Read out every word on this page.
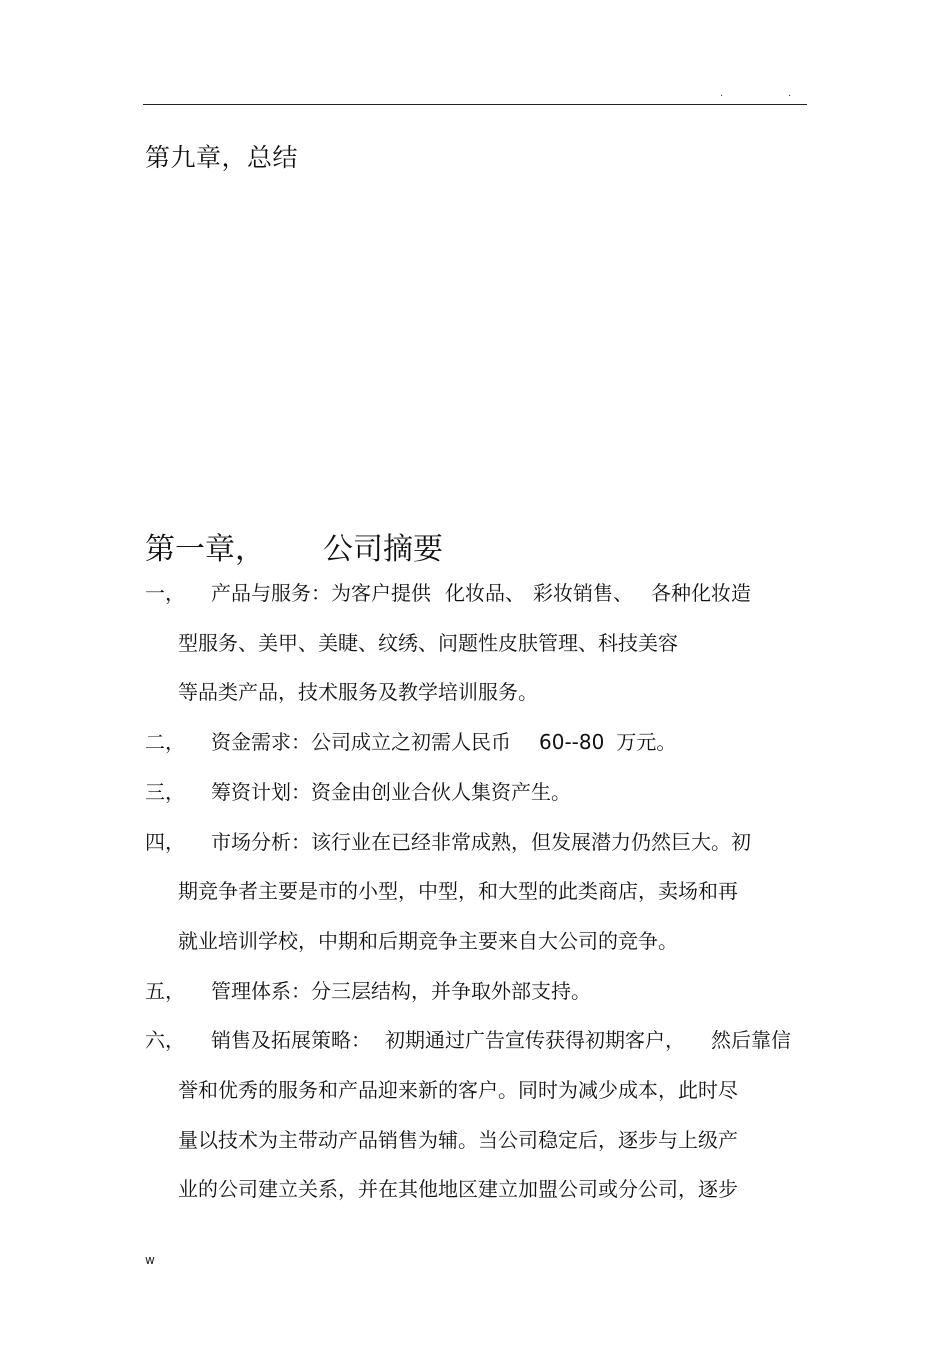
.	.
第九章，总结
第一章， 公司摘要
一， 产品与服务：为客户提供 化妆品、 彩妆销售、 各种化妆造
型服务、美甲、美睫、纹绣、问题性皮肤管理、科技美容
等品类产品，技术服务及教学培训服务。
二， 资金需求：公司成立之初需人民币 60--80 万元。
三， 筹资计划：资金由创业合伙人集资产生。
四， 市场分析：该行业在已经非常成熟，但发展潜力仍然巨大。初
期竞争者主要是市的小型，中型，和大型的此类商店，卖场和再
就业培训学校，中期和后期竞争主要来自大公司的竞争。
五， 管理体系：分三层结构，并争取外部支持。
六， 销售及拓展策略： 初期通过广告宣传获得初期客户， 然后靠信
誉和优秀的服务和产品迎来新的客户。同时为减少成本，此时尽
量以技术为主带动产品销售为辅。当公司稳定后，逐步与上级产
业的公司建立关系，并在其他地区建立加盟公司或分公司，逐步
w
